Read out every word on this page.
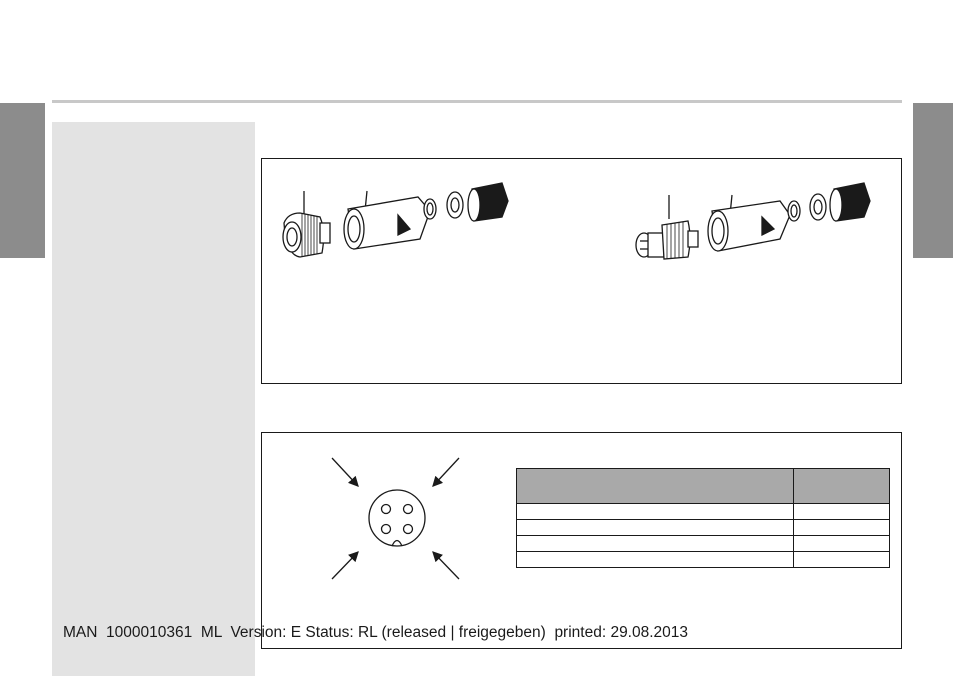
MAN  1000010361  ML  Version: E Status: RL (released | freigegeben)  printed: 29.08.2013
